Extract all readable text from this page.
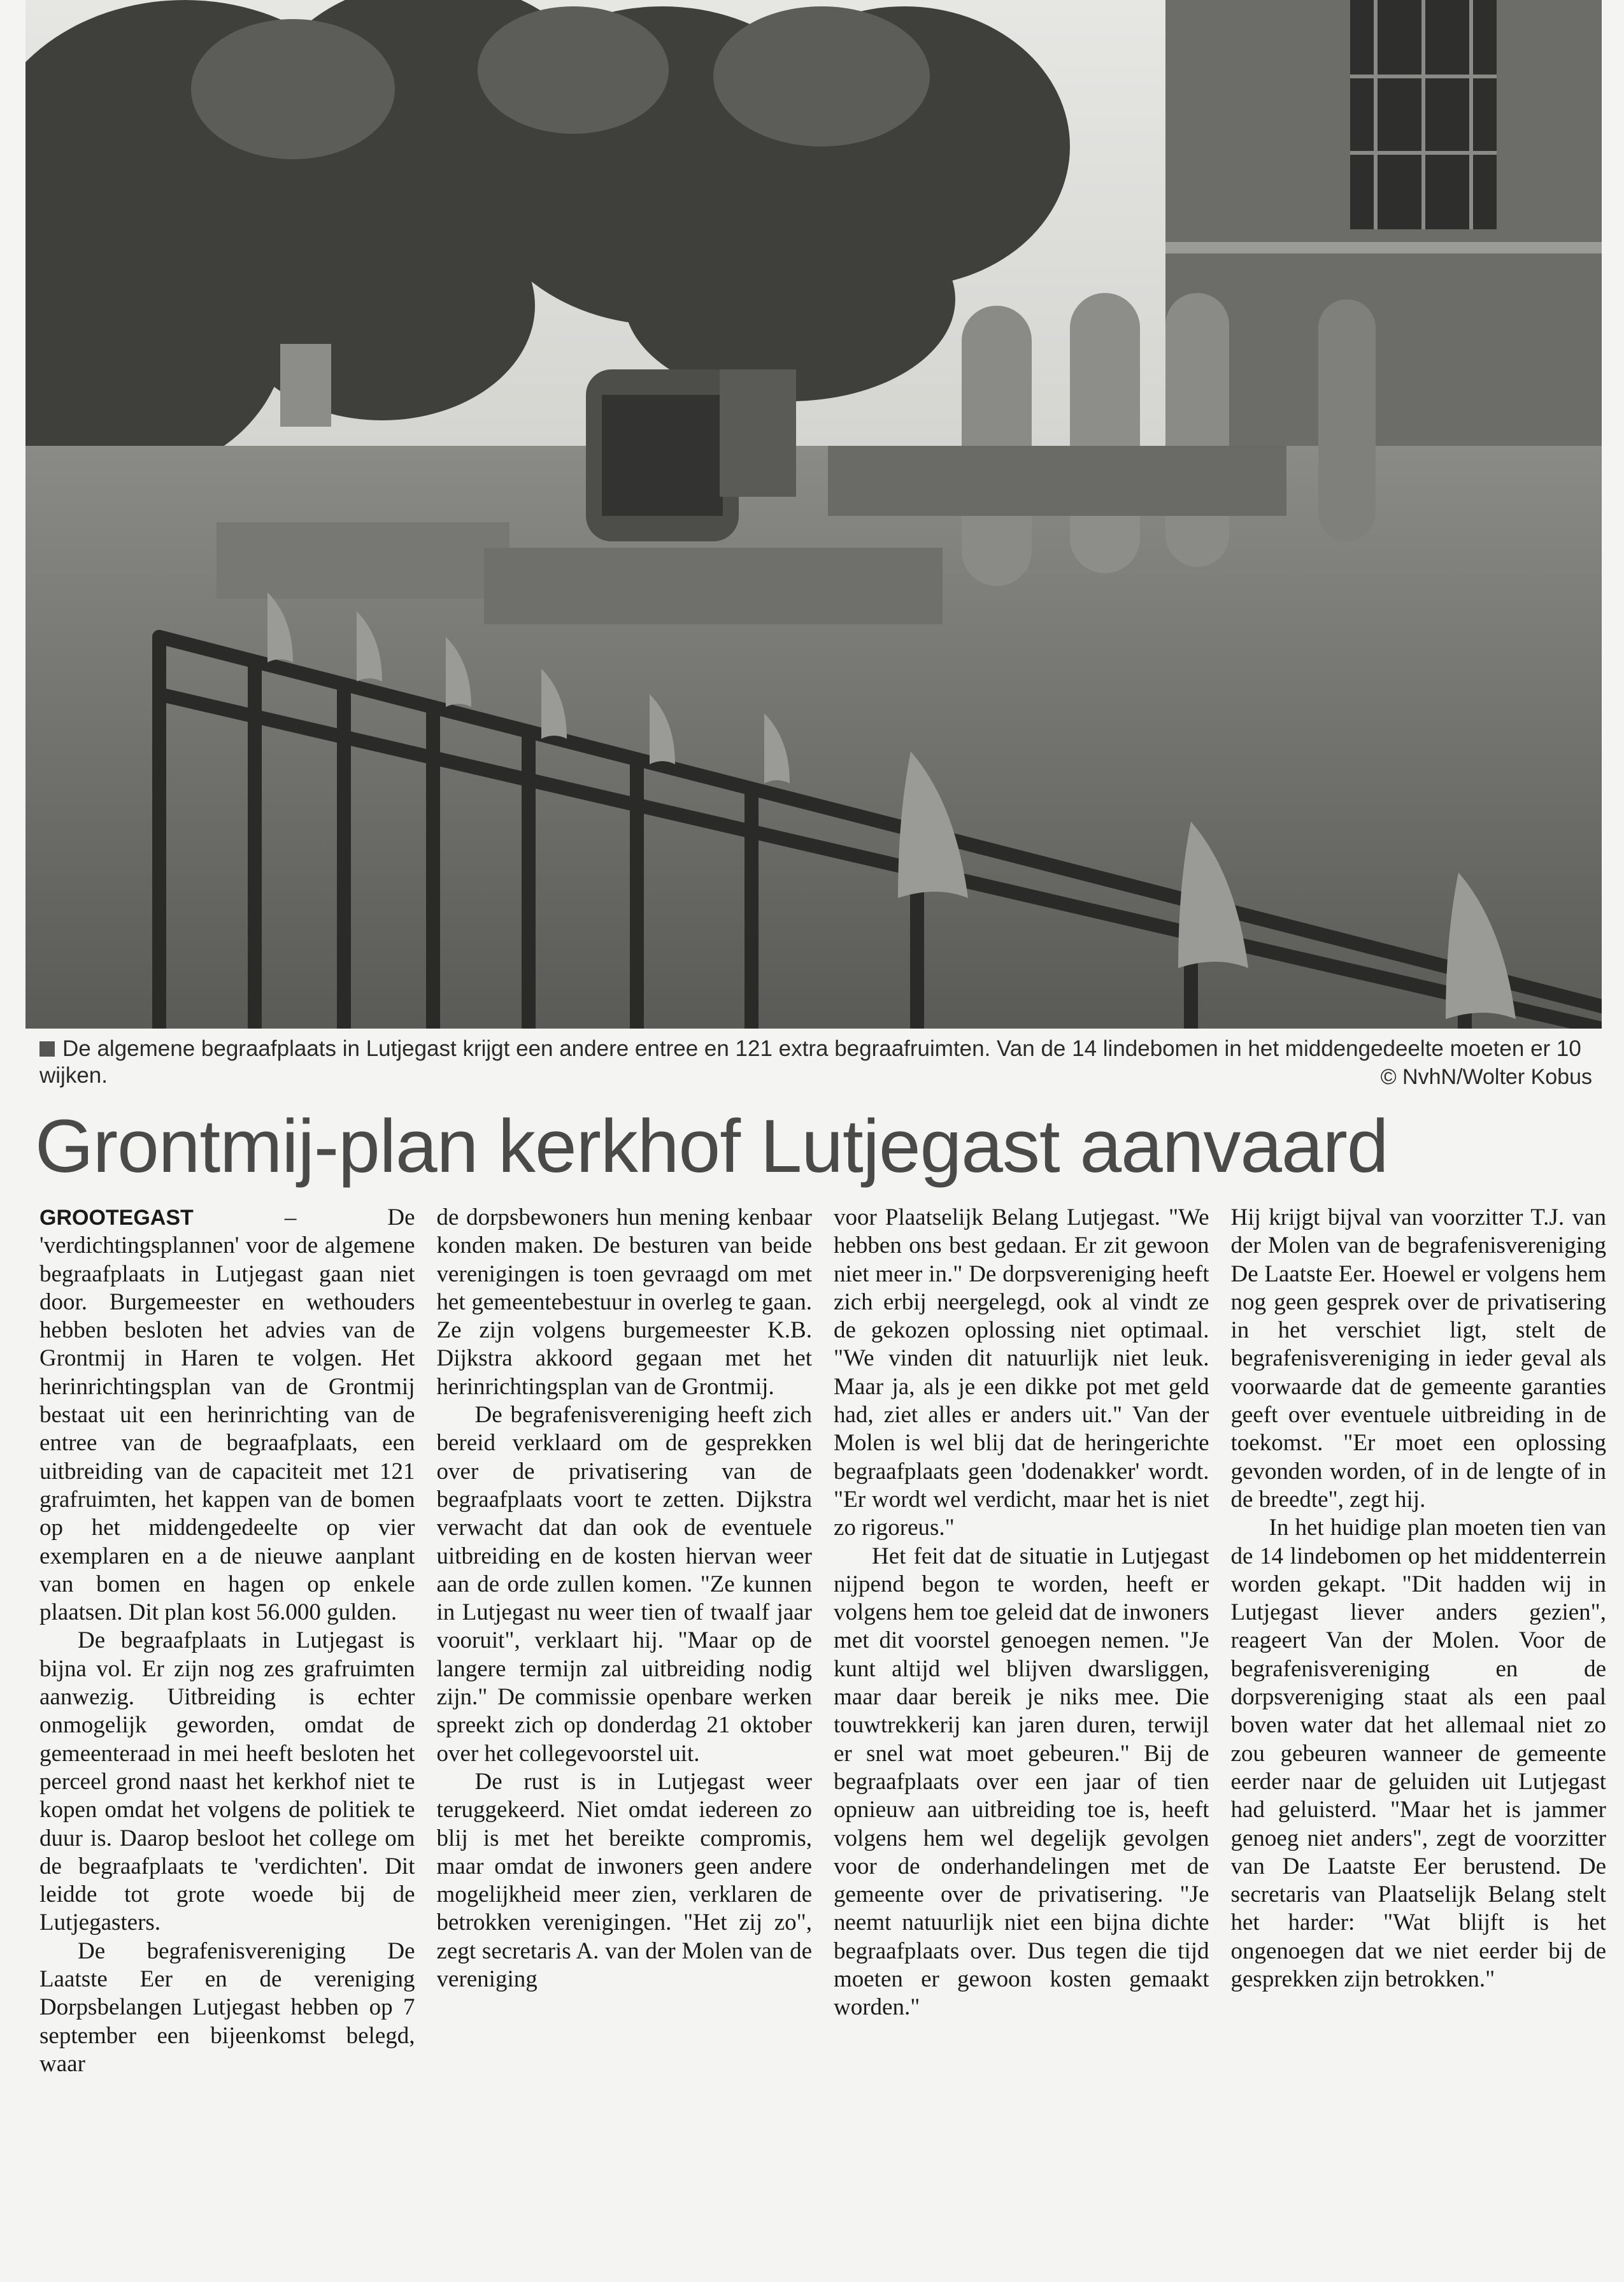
De algemene begraafplaats in Lutjegast krijgt een andere entree en 121 extra begraafruimten. Van de 14 lindebomen in het middengedeelte moeten er 10 wijken.	© NvhN/Wolter Kobus
Grontmij-plan kerkhof Lutjegast aanvaard

GROOTEGAST – De 'verdichtingsplannen' voor de algemene begraafplaats in Lutjegast gaan niet door. Burgemeester en wethouders hebben besloten het advies van de Grontmij in Haren te volgen. Het herinrichtingsplan van de Grontmij bestaat uit een herinrichting van de entree van de begraafplaats, een uitbreiding van de capaciteit met 121 grafruimten, het kappen van de bomen op het middengedeelte op vier exemplaren en a de nieuwe aanplant van bomen en hagen op enkele plaatsen. Dit plan kost 56.000 gulden.

De begraafplaats in Lutjegast is bijna vol. Er zijn nog zes grafruimten aanwezig. Uitbreiding is echter onmogelijk geworden, omdat de gemeenteraad in mei heeft besloten het perceel grond naast het kerkhof niet te kopen omdat het volgens de politiek te duur is. Daarop besloot het college om de begraafplaats te 'verdichten'. Dit leidde tot grote woede bij de Lutjegasters.

De begrafenisvereniging De Laatste Eer en de vereniging Dorpsbelangen Lutjegast hebben op 7 september een bijeenkomst belegd, waar

de dorpsbewoners hun mening kenbaar konden maken. De besturen van beide verenigingen is toen gevraagd om met het gemeentebestuur in overleg te gaan. Ze zijn volgens burgemeester K.B. Dijkstra akkoord gegaan met het herinrichtingsplan van de Grontmij.

De begrafenisvereniging heeft zich bereid verklaard om de gesprekken over de privatisering van de begraafplaats voort te zetten. Dijkstra verwacht dat dan ook de eventuele uitbreiding en de kosten hiervan weer aan de orde zullen komen. "Ze kunnen in Lutjegast nu weer tien of twaalf jaar vooruit", verklaart hij. "Maar op de langere termijn zal uitbreiding nodig zijn." De commissie openbare werken spreekt zich op donderdag 21 oktober over het collegevoorstel uit.

De rust is in Lutjegast weer teruggekeerd. Niet omdat iedereen zo blij is met het bereikte compromis, maar omdat de inwoners geen andere mogelijkheid meer zien, verklaren de betrokken verenigingen. "Het zij zo", zegt secretaris A. van der Molen van de vereniging

voor Plaatselijk Belang Lutjegast. "We hebben ons best gedaan. Er zit gewoon niet meer in." De dorpsvereniging heeft zich erbij neergelegd, ook al vindt ze de gekozen oplossing niet optimaal. "We vinden dit natuurlijk niet leuk. Maar ja, als je een dikke pot met geld had, ziet alles er anders uit." Van der Molen is wel blij dat de heringerichte begraafplaats geen 'dodenakker' wordt. "Er wordt wel verdicht, maar het is niet zo rigoreus."

Het feit dat de situatie in Lutjegast nijpend begon te worden, heeft er volgens hem toe geleid dat de inwoners met dit voorstel genoegen nemen. "Je kunt altijd wel blijven dwarsliggen, maar daar bereik je niks mee. Die touwtrekkerij kan jaren duren, terwijl er snel wat moet gebeuren." Bij de begraafplaats over een jaar of tien opnieuw aan uitbreiding toe is, heeft volgens hem wel degelijk gevolgen voor de onderhandelingen met de gemeente over de privatisering. "Je neemt natuurlijk niet een bijna dichte begraafplaats over. Dus tegen die tijd moeten er gewoon kosten gemaakt worden."

Hij krijgt bijval van voorzitter T.J. van der Molen van de begrafenisvereniging De Laatste Eer. Hoewel er volgens hem nog geen gesprek over de privatisering in het verschiet ligt, stelt de begrafenisvereniging in ieder geval als voorwaarde dat de gemeente garanties geeft over eventuele uitbreiding in de toekomst. "Er moet een oplossing gevonden worden, of in de lengte of in de breedte", zegt hij.

In het huidige plan moeten tien van de 14 lindebomen op het middenterrein worden gekapt. "Dit hadden wij in Lutjegast liever anders gezien", reageert Van der Molen. Voor de begrafenisvereniging en de dorpsvereniging staat als een paal boven water dat het allemaal niet zo zou gebeuren wanneer de gemeente eerder naar de geluiden uit Lutjegast had geluisterd. "Maar het is jammer genoeg niet anders", zegt de voorzitter van De Laatste Eer berustend. De secretaris van Plaatselijk Belang stelt het harder: "Wat blijft is het ongenoegen dat we niet eerder bij de gesprekken zijn betrokken."
